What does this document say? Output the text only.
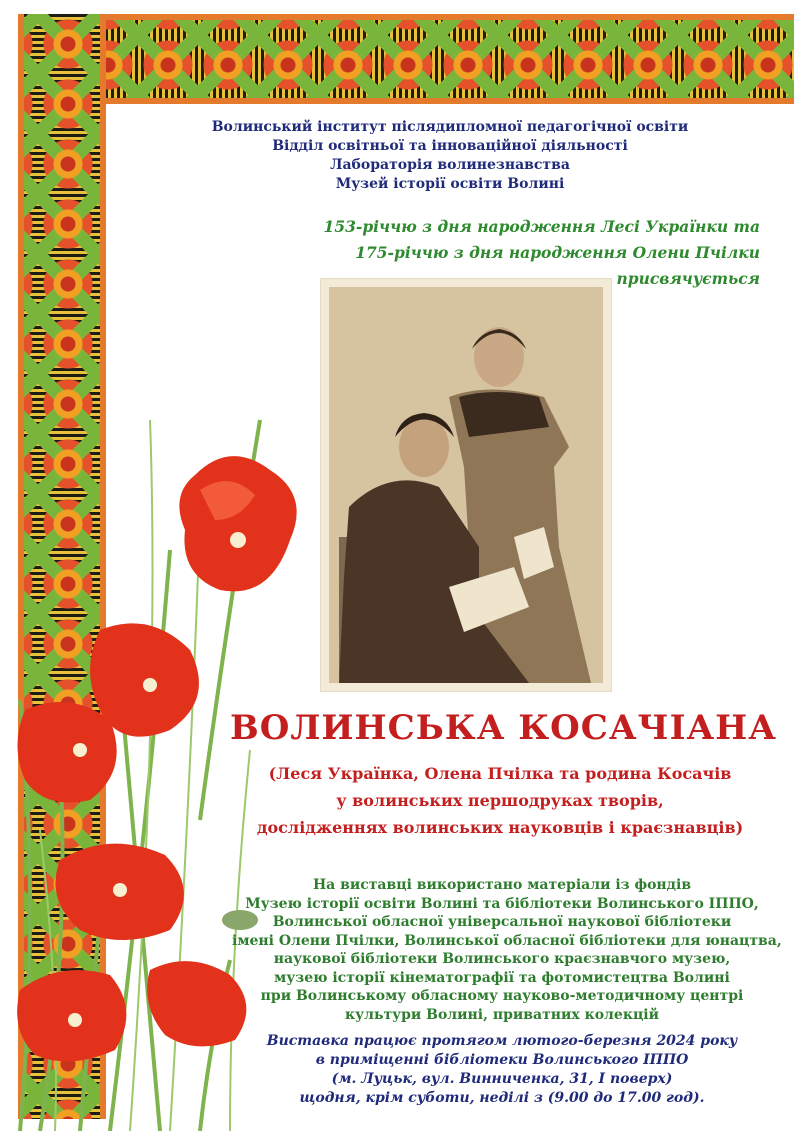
Волинський інститут післядипломної педагогічної освіти
Відділ освітньої та інноваційної діяльності
Лабораторія волинезнавства
Музей історії освіти Волині
153-річчю з дня народження Лесі Українки та
175-річчю з дня народження Олени Пчілки
присвячується
ВОЛИНСЬКА КОСАЧІАНА
(Леся Українка, Олена Пчілка та родина Косачів
у волинських першодруках творів,
дослідженнях волинських науковців і краєзнавців)
На виставці використано матеріали із фондів
Музею історії освіти Волині та бібліотеки Волинського ІППО,
Волинської обласної універсальної наукової бібліотеки
імені Олени Пчілки, Волинської обласної бібліотеки для юнацтва,
наукової бібліотеки Волинського краєзнавчого музею,
музею історії кінематографії та фотомистецтва Волині
при Волинському обласному науково-методичному центрі
культури Волині, приватних колекцій
Виставка працює протягом лютого-березня 2024 року
в приміщенні бібліотеки Волинського ІППО
(м. Луцьк, вул. Винниченка, 31, І поверх)
щодня, крім суботи, неділі з (9.00 до 17.00 год).
